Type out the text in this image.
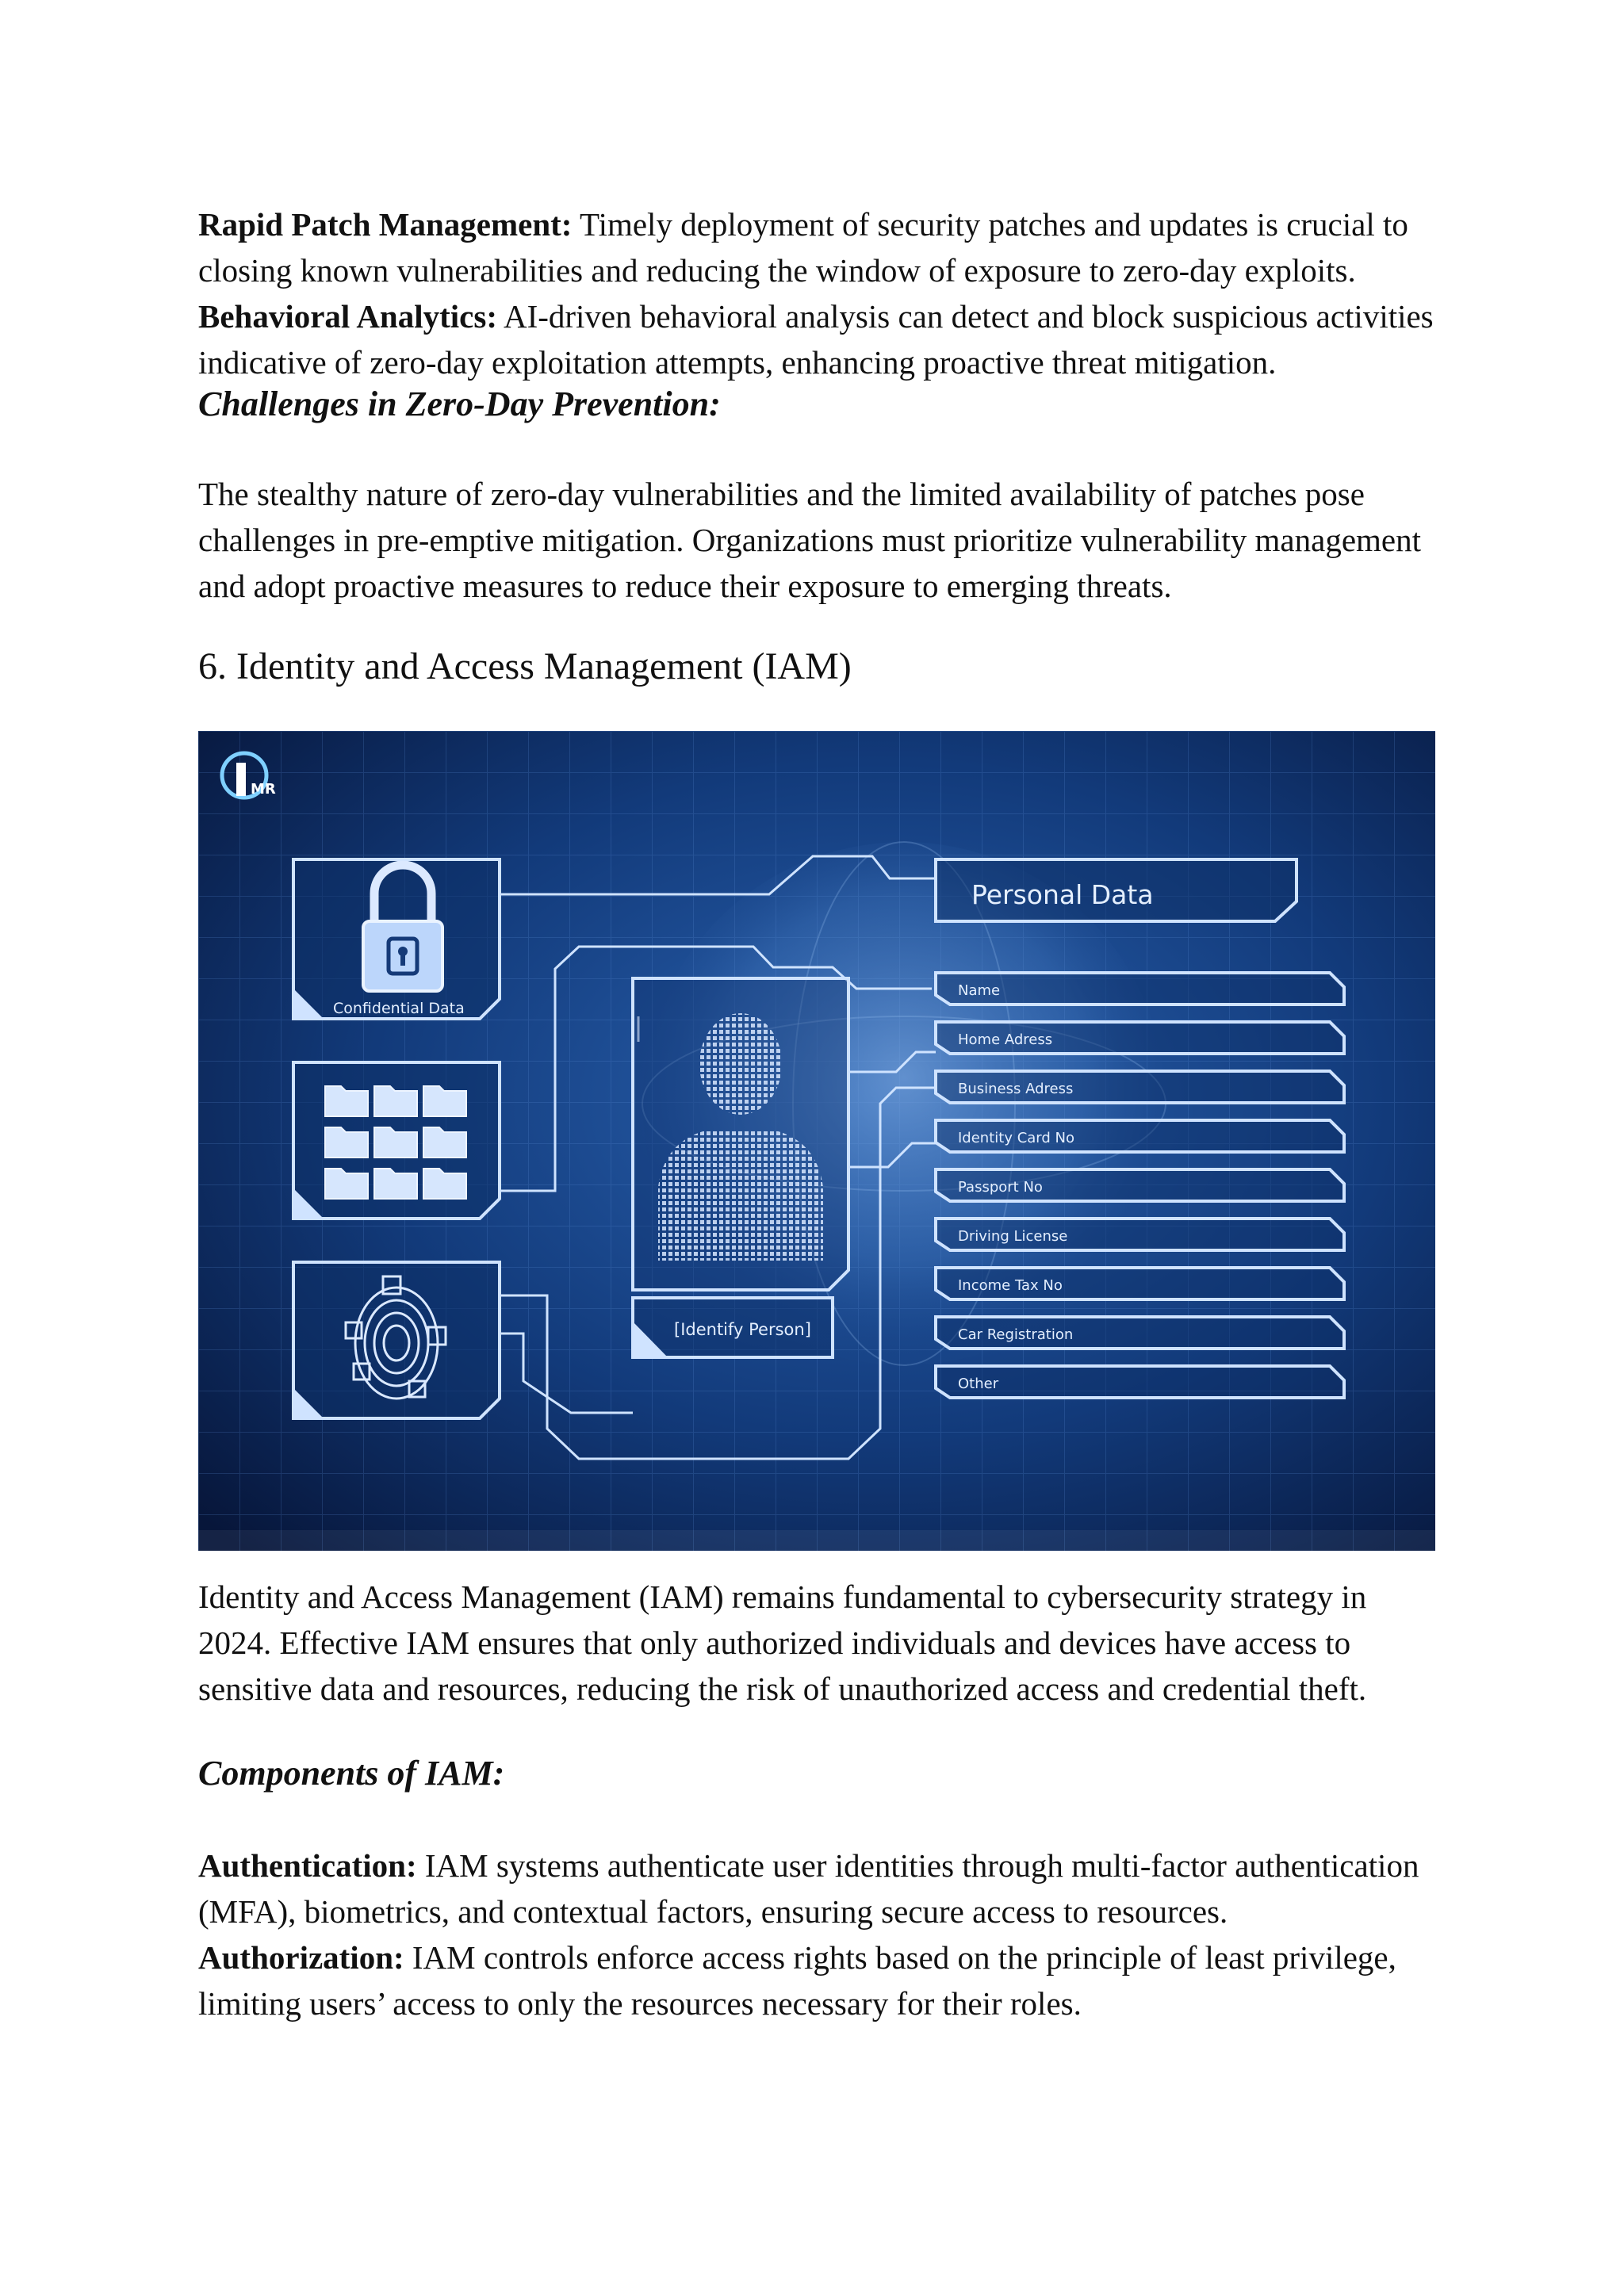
Rapid Patch Management: Timely deployment of security patches and updates is crucial to closing known vulnerabilities and reducing the window of exposure to zero-day exploits.

Behavioral Analytics: AI-driven behavioral analysis can detect and block suspicious activities indicative of zero-day exploitation attempts, enhancing proactive threat mitigation.

Challenges in Zero-Day Prevention:

The stealthy nature of zero-day vulnerabilities and the limited availability of patches pose challenges in pre-emptive mitigation. Organizations must prioritize vulnerability management and adopt proactive measures to reduce their exposure to emerging threats.

6. Identity and Access Management (IAM)
MR
Confidential Data
[Identify Person]
Personal Data
Name
Home Adress
Business Adress
Identity Card No
Passport No
Driving License
Income Tax No
Car Registration
Other

Identity and Access Management (IAM) remains fundamental to cybersecurity strategy in 2024. Effective IAM ensures that only authorized individuals and devices have access to sensitive data and resources, reducing the risk of unauthorized access and credential theft.

Components of IAM:

Authentication: IAM systems authenticate user identities through multi-factor authentication (MFA), biometrics, and contextual factors, ensuring secure access to resources.

Authorization: IAM controls enforce access rights based on the principle of least privilege, limiting users’ access to only the resources necessary for their roles.
